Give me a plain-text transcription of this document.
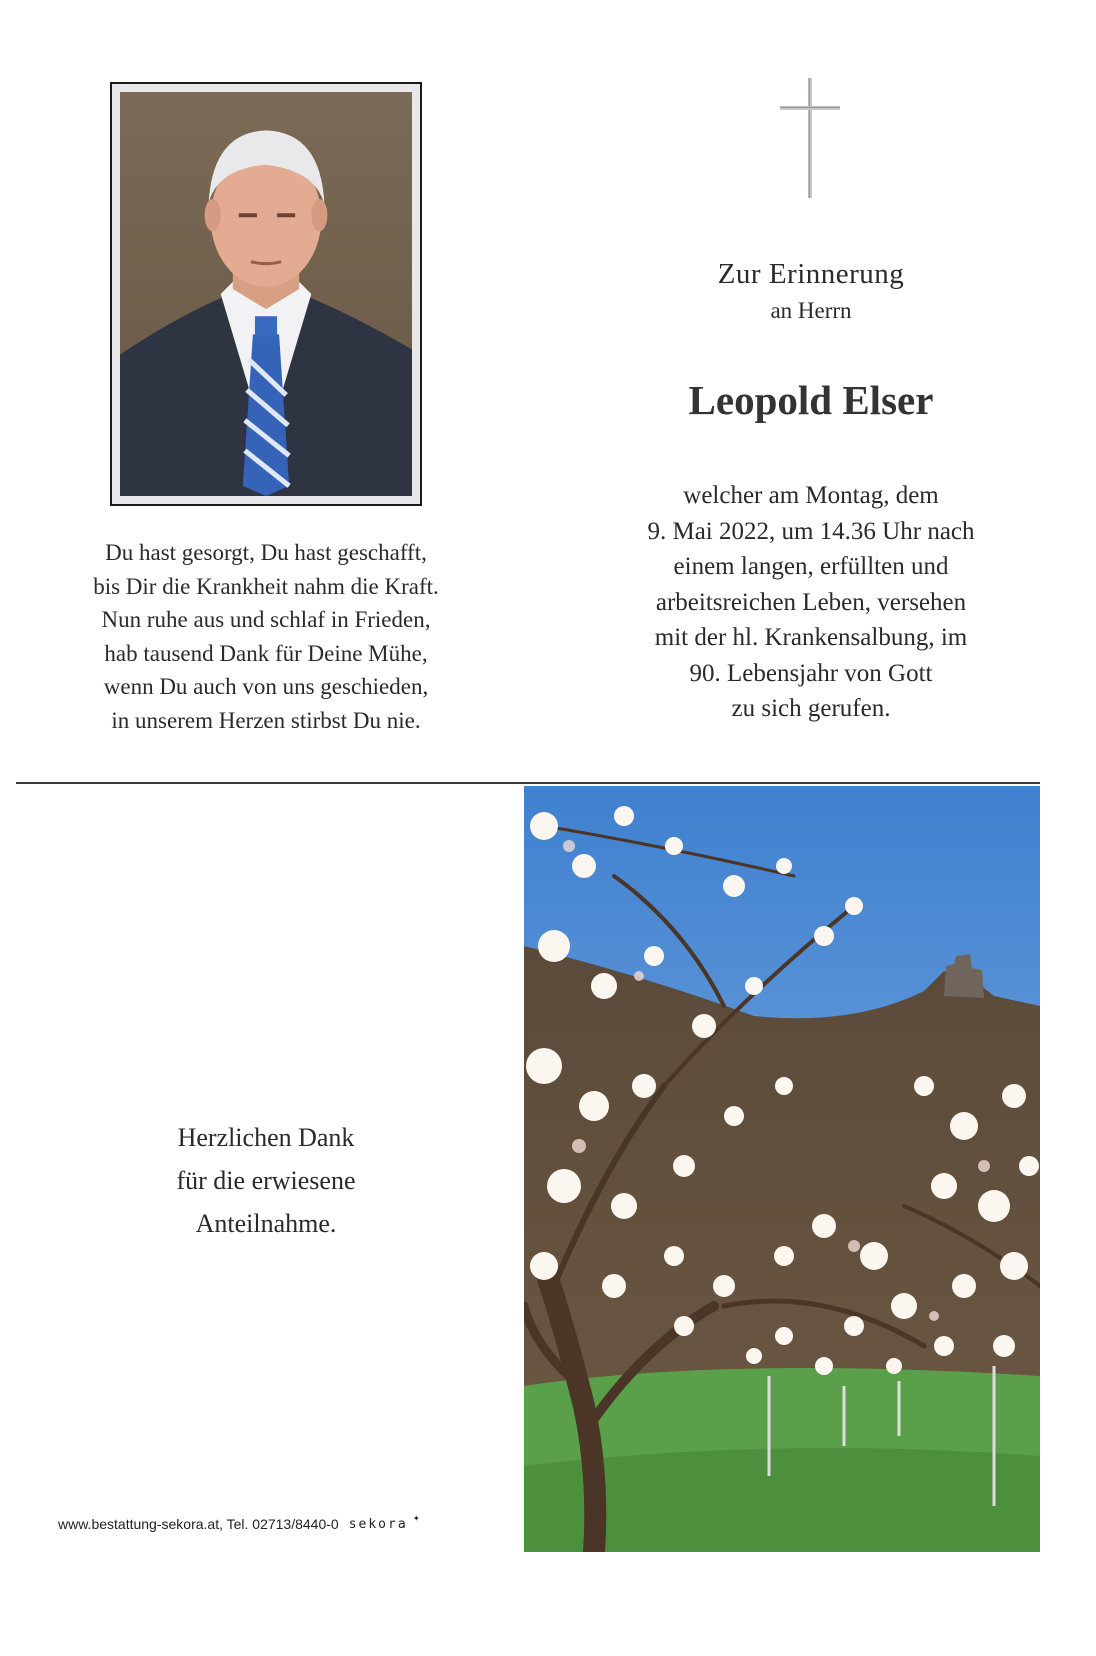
Du hast gesorgt, Du hast geschafft,
bis Dir die Krankheit nahm die Kraft.
Nun ruhe aus und schlaf in Frieden,
hab tausend Dank für Deine Mühe,
wenn Du auch von uns geschieden,
in unserem Herzen stirbst Du nie.
Zur Erinnerung
an Herrn
Leopold Elser
welcher am Montag, dem
9. Mai 2022, um 14.36 Uhr nach
einem langen, erfüllten und
arbeitsreichen Leben, versehen
mit der hl. Krankensalbung, im
90. Lebensjahr von Gott
zu sich gerufen.
Herzlichen Dank
für die erwiesene
Anteilnahme.
www.bestattung-sekora.at, Tel. 02713/8440-0 sekora ✦
